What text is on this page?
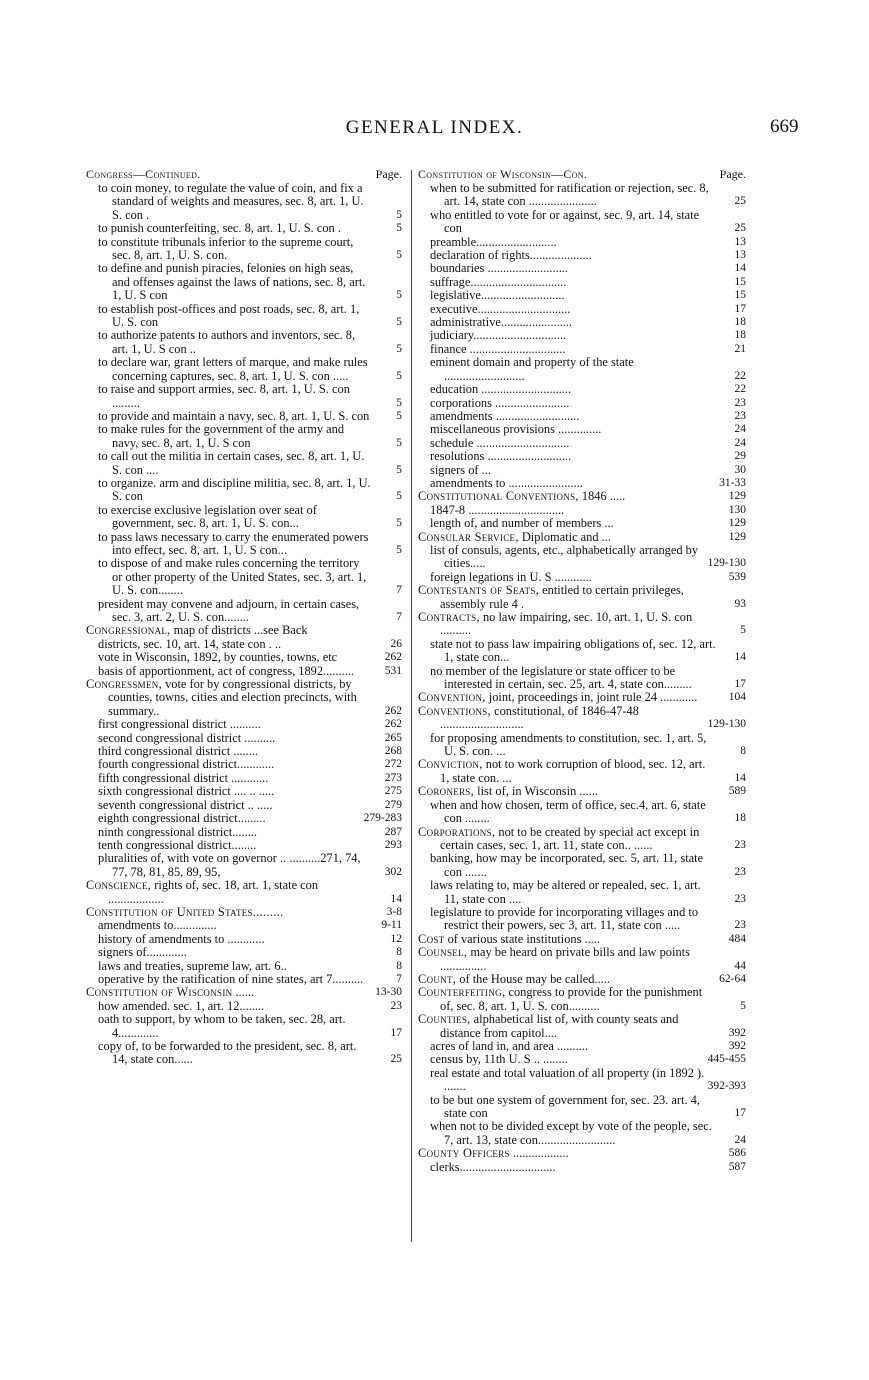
GENERAL INDEX.	669
Congress—Continued.	Page.
to coin money, to regulate the value of coin, and fix a standard of weights and measures, sec. 8, art. 1, U. S. con .	5
to punish counterfeiting, sec. 8, art. 1, U. S. con .	5
to constitute tribunals inferior to the supreme court, sec. 8, art. 1, U. S. con.	5
to define and punish piracies, felonies on high seas, and offenses against the laws of nations, sec. 8, art. 1, U. S con	5
to establish post-offices and post roads, sec. 8, art. 1, U. S. con	5
to authorize patents to authors and inventors, sec. 8, art. 1, U. S con ..	5
to declare war, grant letters of marque, and make rules concerning captures, sec. 8, art. 1, U. S. con .....	5
to raise and support armies, sec. 8, art. 1, U. S. con .........	5
to provide and maintain a navy, sec. 8, art. 1, U. S. con 5
to make rules for the government of the army and navy, sec. 8, art. 1, U. S con	5
to call out the militia in certain cases, sec. 8, art. 1, U. S. con ....	5
to organize. arm and discipline militia, sec. 8, art. 1, U. S. con	5
to exercise exclusive legislation over seat of government, sec. 8, art. 1, U. S. con...	5
to pass laws necessary to carry the enumerated powers into effect, sec. 8, art. 1, U. S con...	5
to dispose of and make rules concerning the territory or other property of the United States, sec. 3, art. 1, U. S. con........	7
president may convene and adjourn, in certain cases, sec. 3, art. 2, U. S. con........	7
Congressional, map of districts ...see Back
districts, sec. 10, art. 14, state con . ..	26
vote in Wisconsin, 1892, by counties, towns, etc	262
basis of apportionment, act of congress, 1892..........	531
Congressmen, vote for by congressional districts, by counties, towns, cities and election precincts, with summary..	262
first congressional district ..........	262
second congressional district ..........	265
third congressional district ........	268
fourth congressional district............	272
fifth congressional district ............	273
sixth congressional district .... .. .....	275
seventh congressional district .. .....	279
eighth congressional district.........	279-283
ninth congressional district........	287
tenth congressional district........	293
pluralities of, with vote on governor .. ..........271, 74, 77, 78, 81, 85, 89, 95,	302
Conscience, rights of, sec. 18, art. 1, state con ..................	14
Constitution of United States.........	3-8
amendments to..............	9-11
history of amendments to ............	12
signers of.............	8
laws and treaties, supreme law, art. 6..	8
operative by the ratification of nine states, art 7..........	7
Constitution of Wisconsin ......	13-30
how amended. sec. 1, art. 12........	23
oath to support, by whom to be taken, sec. 28, art. 4.............	17
copy of, to be forwarded to the president, sec. 8, art. 14, state con......	25
Constitution of Wisconsin—Con.	Page.
when to be submitted for ratification or rejection, sec. 8, art. 14, state con ......................	25
who entitled to vote for or against, sec. 9, art. 14, state con	25
preamble..........................	13
declaration of rights....................	13
boundaries ..........................	14
suffrage...............................	15
legislative...........................	15
executive..............................	17
administrative.......................	18
judiciary..............................	18
finance ...............................	21
eminent domain and property of the state ..........................	22
education .............................	22
corporations ........................	23
amendments ...........................	23
miscellaneous provisions ..............	24
schedule ..............................	24
resolutions ...........................	29
signers of ...	30
amendments to ........................	31-33
Constitutional Conventions, 1846 .....	129
1847-8 ...............................	130
length of, and number of members ...	129
Consular Service, Diplomatic and ...	129
list of consuls, agents, etc., alphabetically arranged by cities.....	129-130
foreign legations in U. S ............	539
Contestants of Seats, entitled to certain privileges, assembly rule 4 .	93
Contracts, no law impairing, sec. 10, art. 1, U. S. con ..........	5
state not to pass law impairing obligations of, sec. 12, art. 1, state con...	14
no member of the legislature or state officer to be interested in certain, sec. 25, art. 4, state con.........	17
Convention, joint, proceedings in, joint rule 24 ............	104
Conventions, constitutional, of 1846-47-48 ...........................	129-130
for proposing amendments to constitution, sec. 1, art. 5, U. S. con. ...	8
Conviction, not to work corruption of blood, sec. 12, art. 1, state con. ...	14
Coroners, list of, in Wisconsin ......	589
when and how chosen, term of office, sec.4, art. 6, state con ........	18
Corporations, not to be created by special act except in certain cases, sec. 1, art. 11, state con.. ......	23
banking, how may be incorporated, sec. 5, art. 11, state con .......	23
laws relating to, may be altered or repealed, sec. 1, art. 11, state con ....	23
legislature to provide for incorporating villages and to restrict their powers, sec 3, art. 11, state con .....	23
Cost of various state institutions .....	484
Counsel, may be heard on private bills and law points ...............	44
Count, of the House may be called.....	62-64
Counterfeiting, congress to provide for the punishment of, sec. 8, art. 1, U. S. con..........	5
Counties, alphabetical list of, with county seats and distance from capitol....	392
acres of land in, and area ..........	392
census by, 11th U. S .. ........	445-455
real estate and total valuation of all property (in 1892 ). .......	392-393
to be but one system of government for, sec. 23. art. 4, state con	17
when not to be divided except by vote of the people, sec. 7, art. 13, state con.........................	24
County Officers ..................	586
clerks...............................	587
